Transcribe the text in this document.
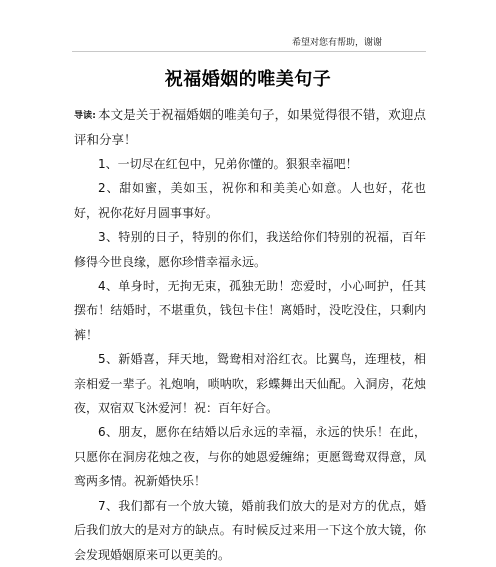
希望对您有帮助，谢谢
祝福婚姻的唯美句子

导读: 本文是关于祝福婚姻的唯美句子，如果觉得很不错，欢迎点评和分享！

1、一切尽在红包中，兄弟你懂的。狠狠幸福吧！

2、甜如蜜，美如玉，祝你和和美美心如意。人也好，花也好，祝你花好月圆事事好。

3、特别的日子，特别的你们，我送给你们特别的祝福，百年修得今世良缘，愿你珍惜幸福永远。

4、单身时，无拘无束，孤独无助！恋爱时，小心呵护，任其摆布！结婚时，不堪重负，钱包卡住！离婚时，没吃没住，只剩内裤！

5、新婚喜，拜天地，鸳鸯相对浴红衣。比翼鸟，连理枝，相亲相爱一辈子。礼炮响，唢呐吹，彩蝶舞出天仙配。入洞房，花烛夜，双宿双飞沐爱河！祝：百年好合。

6、朋友，愿你在结婚以后永远的幸福，永远的快乐！在此，只愿你在洞房花烛之夜，与你的她恩爱缠绵；更愿鸳鸯双得意，凤鸾两多情。祝新婚快乐！

7、我们都有一个放大镜，婚前我们放大的是对方的优点，婚后我们放大的是对方的缺点。有时候反过来用一下这个放大镜，你会发现婚姻原来可以更美的。
